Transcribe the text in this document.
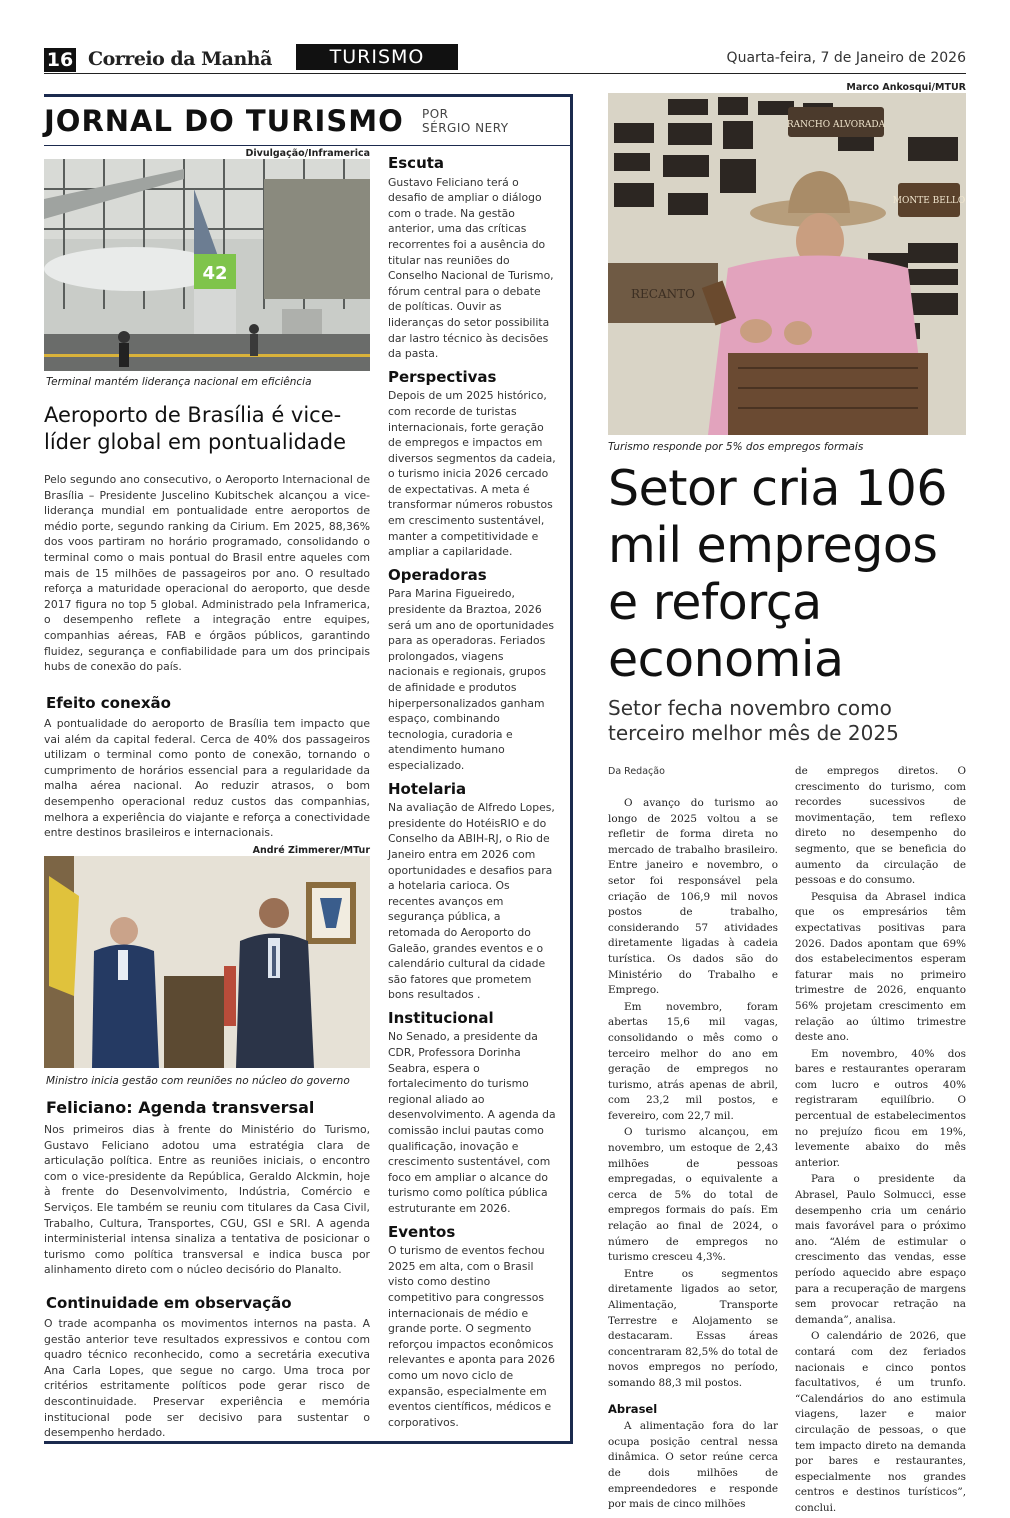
16 Correio da Manhã	TURISMO	Quarta-feira, 7 de Janeiro de 2026
JORNAL DO TURISMO POR
SÉRGIO NERY
Divulgação/Inframerica
42
Terminal mantém liderança nacional em eficiência
Aeroporto de Brasília é vice-líder global em pontualidade
Pelo segundo ano consecutivo, o Aeroporto Internacional de Brasília – Presidente Juscelino Kubitschek alcançou a vice-liderança mundial em pontualidade entre aeroportos de médio porte, segundo ranking da Cirium. Em 2025, 88,36% dos voos partiram no horário programado, consolidando o terminal como o mais pontual do Brasil entre aqueles com mais de 15 milhões de passageiros por ano. O resultado reforça a maturidade operacional do aeroporto, que desde 2017 figura no top 5 global. Administrado pela Inframerica, o desempenho reflete a integração entre equipes, companhias aéreas, FAB e órgãos públicos, garantindo fluidez, segurança e confiabilidade para um dos principais hubs de conexão do país.
Efeito conexão
A pontualidade do aeroporto de Brasília tem impacto que vai além da capital federal. Cerca de 40% dos passageiros utilizam o terminal como ponto de conexão, tornando o cumprimento de horários essencial para a regularidade da malha aérea nacional. Ao reduzir atrasos, o bom desempenho operacional reduz custos das companhias, melhora a experiência do viajante e reforça a conectividade entre destinos brasileiros e internacionais.
André Zimmerer/MTur
Ministro inicia gestão com reuniões no núcleo do governo
Feliciano: Agenda transversal
Nos primeiros dias à frente do Ministério do Turismo, Gustavo Feliciano adotou uma estratégia clara de articulação política. Entre as reuniões iniciais, o encontro com o vice-presidente da República, Geraldo Alckmin, hoje à frente do Desenvolvimento, Indústria, Comércio e Serviços. Ele também se reuniu com titulares da Casa Civil, Trabalho, Cultura, Transportes, CGU, GSI e SRI. A agenda interministerial intensa sinaliza a tentativa de posicionar o turismo como política transversal e indica busca por alinhamento direto com o núcleo decisório do Planalto.
Continuidade em observação
O trade acompanha os movimentos internos na pasta. A gestão anterior teve resultados expressivos e contou com quadro técnico reconhecido, como a secretária executiva Ana Carla Lopes, que segue no cargo. Uma troca por critérios estritamente políticos pode gerar risco de descontinuidade. Preservar experiência e memória institucional pode ser decisivo para sustentar o desempenho herdado.
Escuta

Gustavo Feliciano terá o desafio de ampliar o diálogo com o trade. Na gestão anterior, uma das críticas recorrentes foi a ausência do titular nas reuniões do Conselho Nacional de Turismo, fórum central para o debate de políticas. Ouvir as lideranças do setor possibilita dar lastro técnico às decisões da pasta.

Perspectivas

Depois de um 2025 histórico, com recorde de turistas internacionais, forte geração de empregos e impactos em diversos segmentos da cadeia, o turismo inicia 2026 cercado de expectativas. A meta é transformar números robustos em crescimento sustentável, manter a competitividade e ampliar a capilaridade.

Operadoras

Para Marina Figueiredo, presidente da Braztoa, 2026 será um ano de oportunidades para as operadoras. Feriados prolongados, viagens nacionais e regionais, grupos de afinidade e produtos hiperpersonalizados ganham espaço, combinando tecnologia, curadoria e atendimento humano especializado.

Hotelaria

Na avaliação de Alfredo Lopes, presidente do HotéisRIO e do Conselho da ABIH-RJ, o Rio de Janeiro entra em 2026 com oportunidades e desafios para a hotelaria carioca. Os recentes avanços em segurança pública, a retomada do Aeroporto do Galeão, grandes eventos e o calendário cultural da cidade são fatores que prometem bons resultados .

Institucional

No Senado, a presidente da CDR, Professora Dorinha Seabra, espera o fortalecimento do turismo regional aliado ao desenvolvimento. A agenda da comissão inclui pautas como qualificação, inovação e crescimento sustentável, com foco em ampliar o alcance do turismo como política pública estruturante em 2026.

Eventos

O turismo de eventos fechou 2025 em alta, com o Brasil visto como destino competitivo para congressos internacionais de médio e grande porte. O segmento reforçou impactos econômicos relevantes e aponta para 2026 como um novo ciclo de expansão, especialmente em eventos científicos, médicos e corporativos.

Marco Ankosqui/MTUR
RANCHO ALVORADA
MONTE BELLO
RECANTO
Turismo responde por 5% dos empregos formais
Setor cria 106 mil empregos e reforça economia
Setor fecha novembro como terceiro melhor mês de 2025
Da Redação

O avanço do turismo ao longo de 2025 voltou a se refletir de forma direta no mercado de trabalho brasileiro. Entre janeiro e novembro, o setor foi responsável pela criação de 106,9 mil novos postos de trabalho, considerando 57 atividades diretamente ligadas à cadeia turística. Os dados são do Ministério do Trabalho e Emprego.

Em novembro, foram abertas 15,6 mil vagas, consolidando o mês como o terceiro melhor do ano em geração de empregos no turismo, atrás apenas de abril, com 23,2 mil postos, e fevereiro, com 22,7 mil.

O turismo alcançou, em novembro, um estoque de 2,43 milhões de pessoas empregadas, o equivalente a cerca de 5% do total de empregos formais do país. Em relação ao final de 2024, o número de empregos no turismo cresceu 4,3%.

Entre os segmentos diretamente ligados ao setor, Alimentação, Transporte Terrestre e Alojamento se destacaram. Essas áreas concentraram 82,5% do total de novos empregos no período, somando 88,3 mil postos.

Abrasel

A alimentação fora do lar ocupa posição central nessa dinâmica. O setor reúne cerca de dois milhões de empreendedores e responde por mais de cinco milhões

de empregos diretos. O crescimento do turismo, com recordes sucessivos de movimentação, tem reflexo direto no desempenho do segmento, que se beneficia do aumento da circulação de pessoas e do consumo.

Pesquisa da Abrasel indica que os empresários têm expectativas positivas para 2026. Dados apontam que 69% dos estabelecimentos esperam faturar mais no primeiro trimestre de 2026, enquanto 56% projetam crescimento em relação ao último trimestre deste ano.

Em novembro, 40% dos bares e restaurantes operaram com lucro e outros 40% registraram equilíbrio. O percentual de estabelecimentos no prejuízo ficou em 19%, levemente abaixo do mês anterior.

Para o presidente da Abrasel, Paulo Solmucci, esse desempenho cria um cenário mais favorável para o próximo ano. “Além de estimular o crescimento das vendas, esse período aquecido abre espaço para a recuperação de margens sem provocar retração na demanda”, analisa.

O calendário de 2026, que contará com dez feriados nacionais e cinco pontos facultativos, é um trunfo. “Calendários do ano estimula viagens, lazer e maior circulação de pessoas, o que tem impacto direto na demanda por bares e restaurantes, especialmente nos grandes centros e destinos turísticos”, conclui.
